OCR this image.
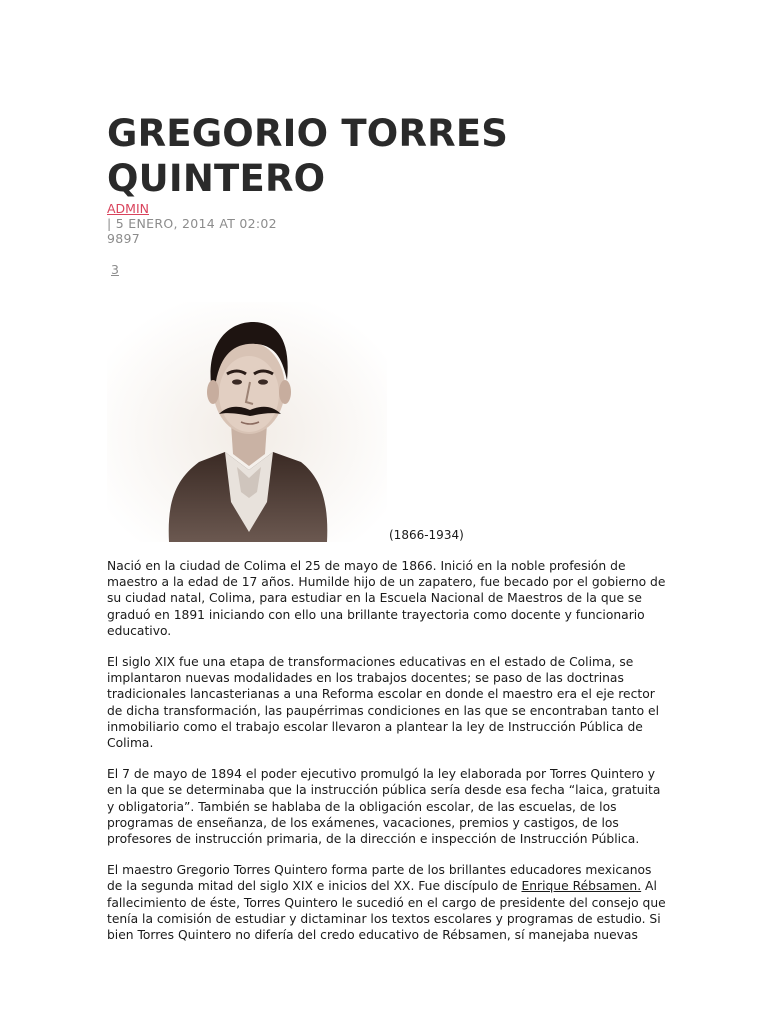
GREGORIO TORRES
QUINTERO
ADMIN
| 5 ENERO, 2014 AT 02:02
9897
3
(1866-1934)

Nació en la ciudad de Colima el 25 de mayo de 1866. Inició en la noble profesión de maestro a la edad de 17 años. Humilde hijo de un zapatero, fue becado por el gobierno de su ciudad natal, Colima, para estudiar en la Escuela Nacional de Maestros de la que se graduó en 1891 iniciando con ello una brillante trayectoria como docente y funcionario educativo.

El siglo XIX fue una etapa de transformaciones educativas en el estado de Colima, se implantaron nuevas modalidades en los trabajos docentes; se paso de las doctrinas tradicionales lancasterianas a una Reforma escolar en donde el maestro era el eje rector de dicha transformación, las paupérrimas condiciones en las que se encontraban tanto el inmobiliario como el trabajo escolar llevaron a plantear la ley de Instrucción Pública de Colima.

El 7 de mayo de 1894 el poder ejecutivo promulgó la ley elaborada por Torres Quintero y en la que se determinaba que la instrucción pública sería desde esa fecha “laica, gratuita y obligatoria”. También se hablaba de la obligación escolar, de las escuelas, de los programas de enseñanza, de los exámenes, vacaciones, premios y castigos, de los profesores de instrucción primaria, de la dirección e inspección de Instrucción Pública.

El maestro Gregorio Torres Quintero forma parte de los brillantes educadores mexicanos de la segunda mitad del siglo XIX e inicios del XX. Fue discípulo de Enrique Rébsamen. Al fallecimiento de éste, Torres Quintero le sucedió en el cargo de presidente del consejo que tenía la comisión de estudiar y dictaminar los textos escolares y programas de estudio. Si bien Torres Quintero no difería del credo educativo de Rébsamen, sí manejaba nuevas
